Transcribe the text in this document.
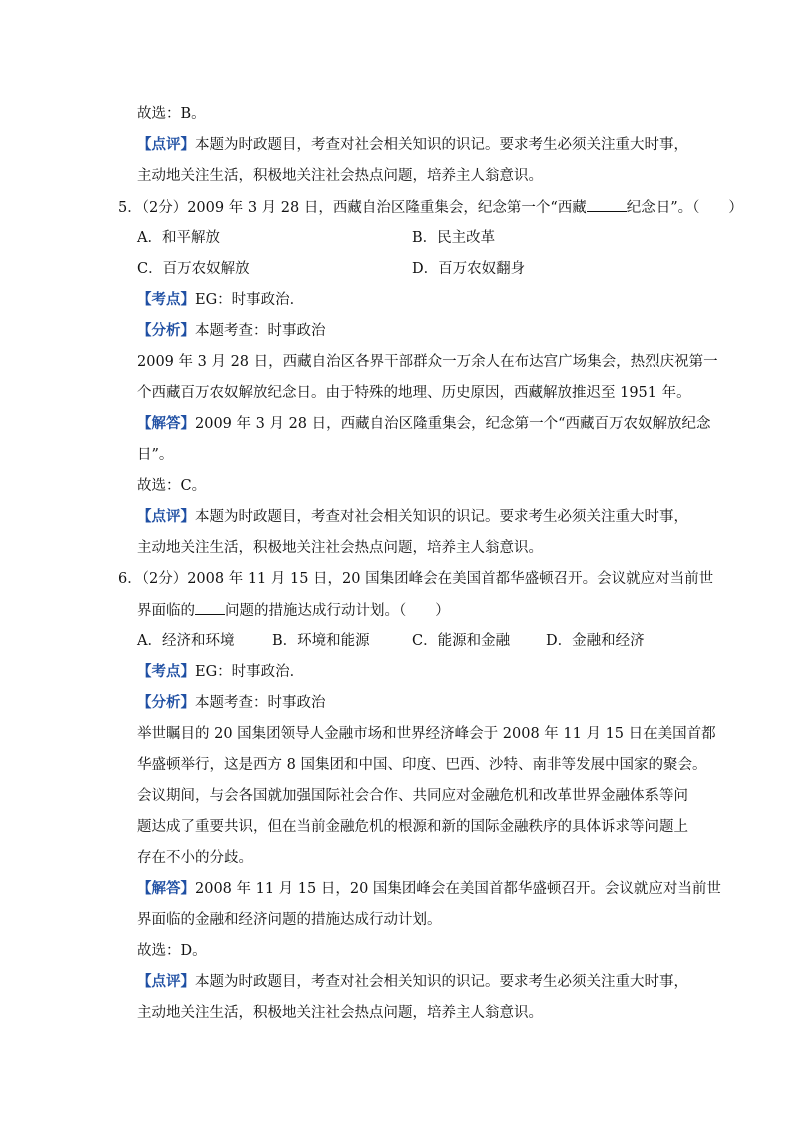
故选：B。
【点评】本题为时政题目，考查对社会相关知识的识记。要求考生必须关注重大时事，
主动地关注生活，积极地关注社会热点问题，培养主人翁意识。
5．（2分）2009 年 3 月 28 日，西藏自治区隆重集会，纪念第一个“西藏	纪念日”。（　　）
A．和平解放	B．民主改革
C．百万农奴解放	D．百万农奴翻身
【考点】EG：时事政治．
【分析】本题考查：时事政治
2009 年 3 月 28 日，西藏自治区各界干部群众一万余人在布达宫广场集会，热烈庆祝第一
个西藏百万农奴解放纪念日。由于特殊的地理、历史原因，西藏解放推迟至 1951 年。
【解答】2009 年 3 月 28 日，西藏自治区隆重集会，纪念第一个“西藏百万农奴解放纪念
日”。
故选：C。
【点评】本题为时政题目，考查对社会相关知识的识记。要求考生必须关注重大时事，
主动地关注生活，积极地关注社会热点问题，培养主人翁意识。
6．（2分）2008 年 11 月 15 日，20 国集团峰会在美国首都华盛顿召开。会议就应对当前世
界面临的 问题的措施达成行动计划。（　　）
A．经济和环境	B．环境和能源	C．能源和金融 D．金融和经济
【考点】EG：时事政治．
【分析】本题考查：时事政治
举世瞩目的 20 国集团领导人金融市场和世界经济峰会于 2008 年 11 月 15 日在美国首都
华盛顿举行，这是西方 8 国集团和中国、印度、巴西、沙特、南非等发展中国家的聚会。
会议期间，与会各国就加强国际社会合作、共同应对金融危机和改革世界金融体系等问
题达成了重要共识，但在当前金融危机的根源和新的国际金融秩序的具体诉求等问题上
存在不小的分歧。
【解答】2008 年 11 月 15 日，20 国集团峰会在美国首都华盛顿召开。会议就应对当前世
界面临的金融和经济问题的措施达成行动计划。
故选：D。
【点评】本题为时政题目，考查对社会相关知识的识记。要求考生必须关注重大时事，
主动地关注生活，积极地关注社会热点问题，培养主人翁意识。
